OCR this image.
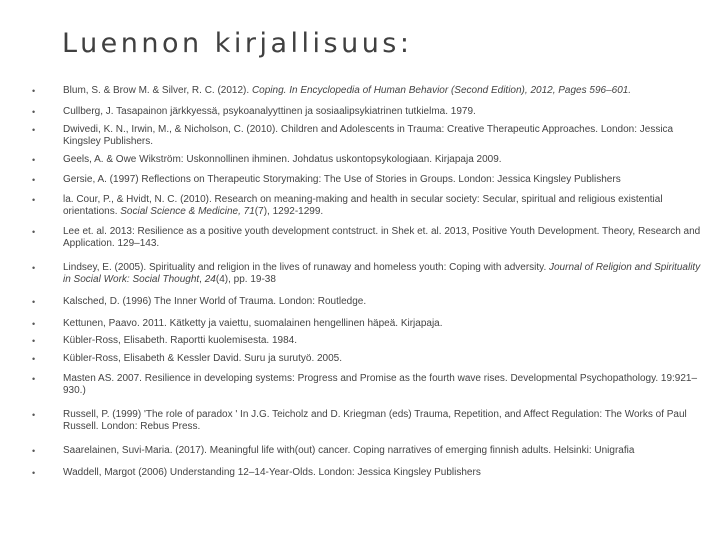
Luennon kirjallisuus:
•	Blum, S. & Brow M. & Silver, R. C. (2012). Coping. In Encyclopedia of Human Behavior (Second Edition), 2012, Pages 596–601.
•	Cullberg, J. Tasapainon järkkyessä, psykoanalyyttinen ja sosiaalipsykiatrinen tutkielma. 1979.
•	Dwivedi, K. N., Irwin, M., & Nicholson, C. (2010). Children and Adolescents in Trauma: Creative Therapeutic Approaches. London: Jessica Kingsley Publishers.
•	Geels, A. & Owe Wikström: Uskonnollinen ihminen. Johdatus uskontopsykologiaan. Kirjapaja 2009.
•	Gersie, A. (1997) Reflections on Therapeutic Storymaking: The Use of Stories in Groups. London: Jessica Kingsley Publishers
•	la. Cour, P., & Hvidt, N. C. (2010). Research on meaning-making and health in secular society: Secular, spiritual and religious existential orientations. Social Science & Medicine, 71(7), 1292-1299.
•	Lee et. al. 2013: Resilience as a positive youth development contstruct. in Shek et. al. 2013, Positive Youth Development. Theory, Research and Application. 129–143.
•	Lindsey, E. (2005). Spirituality and religion in the lives of runaway and homeless youth: Coping with adversity. Journal of Religion and Spirituality in Social Work: Social Thought, 24(4), pp. 19-38
•	Kalsched, D. (1996) The Inner World of Trauma. London: Routledge.
•	Kettunen, Paavo. 2011. Kätketty ja vaiettu, suomalainen hengellinen häpeä. Kirjapaja.
•	Kübler-Ross, Elisabeth. Raportti kuolemisesta. 1984.
•	Kübler-Ross, Elisabeth & Kessler David. Suru ja surutyö. 2005.
•	Masten AS. 2007. Resilience in developing systems: Progress and Promise as the fourth wave rises. Developmental Psychopathology. 19:921–930.)
•	Russell, P. (1999) 'The role of paradox ' In J.G. Teicholz and D. Kriegman (eds) Trauma, Repetition, and Affect Regulation: The Works of Paul Russell. London: Rebus Press.
•	Saarelainen, Suvi-Maria. (2017). Meaningful life with(out) cancer. Coping narratives of emerging finnish adults. Helsinki: Unigrafia
•	Waddell, Margot (2006) Understanding 12–14-Year-Olds. London: Jessica Kingsley Publishers
